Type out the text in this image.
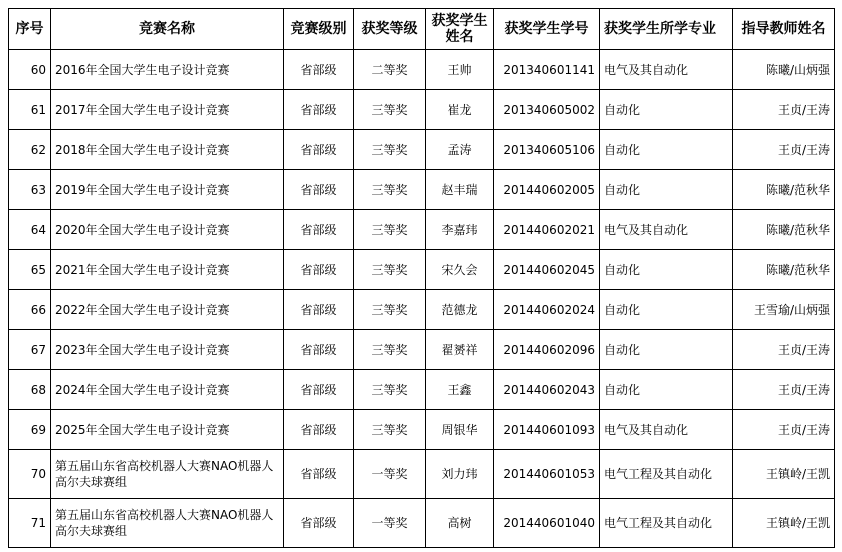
序号	竞赛名称	竞赛级别	获奖等级	获奖学生姓名	获奖学生学号	获奖学生所学专业	指导教师姓名
60	2016年全国大学生电子设计竞赛	省部级	二等奖	王帅	201340601141	电气及其自动化	陈曦/山炳强
61	2017年全国大学生电子设计竞赛	省部级	三等奖	崔龙	201340605002	自动化	王贞/王涛
62	2018年全国大学生电子设计竞赛	省部级	三等奖	孟涛	201340605106	自动化	王贞/王涛
63	2019年全国大学生电子设计竞赛	省部级	三等奖	赵丰瑞	201440602005	自动化	陈曦/范秋华
64	2020年全国大学生电子设计竞赛	省部级	三等奖	李嘉玮	201440602021	电气及其自动化	陈曦/范秋华
65	2021年全国大学生电子设计竞赛	省部级	三等奖	宋久会	201440602045	自动化	陈曦/范秋华
66	2022年全国大学生电子设计竞赛	省部级	三等奖	范德龙	201440602024	自动化	王雪瑜/山炳强
67	2023年全国大学生电子设计竞赛	省部级	三等奖	翟赟祥	201440602096	自动化	王贞/王涛
68	2024年全国大学生电子设计竞赛	省部级	三等奖	王鑫	201440602043	自动化	王贞/王涛
69	2025年全国大学生电子设计竞赛	省部级	三等奖	周银华	201440601093	电气及其自动化	王贞/王涛
70	第五届山东省高校机器人大赛NAO机器人高尔夫球赛组	省部级	一等奖	刘力玮	201440601053	电气工程及其自动化	王镇岭/王凯
71	第五届山东省高校机器人大赛NAO机器人高尔夫球赛组	省部级	一等奖	高树	201440601040	电气工程及其自动化	王镇岭/王凯
